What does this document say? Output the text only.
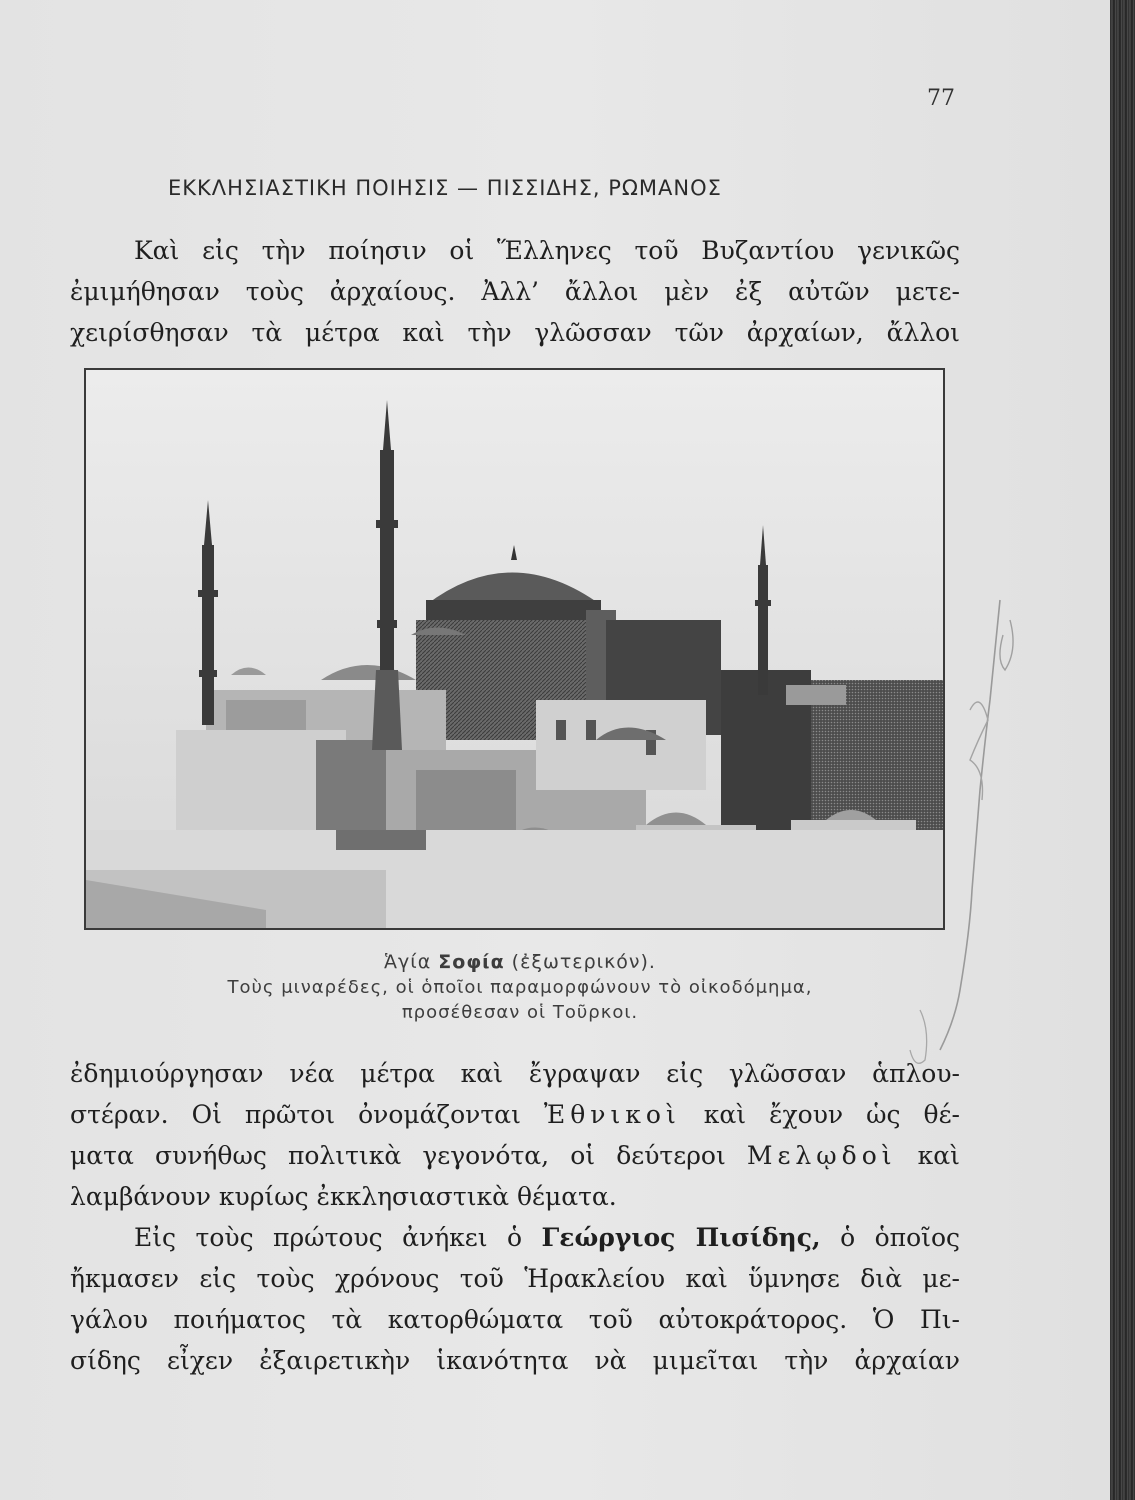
77
ΕΚΚΛΗΣΙΑΣΤΙΚΗ ΠΟΙΗΣΙΣ — ΠΙΣΣΙΔΗΣ, ΡΩΜΑΝΟΣ
Καὶ εἰς τὴν ποίησιν οἱ Ἕλληνες τοῦ Βυζαντίου γενικῶς
ἐμιμήθησαν τοὺς ἀρχαίους. Ἀλλ’ ἄλλοι μὲν ἐξ αὐτῶν μετε-
χειρίσθησαν τὰ μέτρα καὶ τὴν γλῶσσαν τῶν ἀρχαίων, ἄλλοι
Ἁγία Σοφία (ἐξωτερικόν).
Τοὺς μιναρέδες, οἱ ὁποῖοι παραμορφώνουν τὸ οἰκοδόμημα,
προσέθεσαν οἱ Τοῦρκοι.
ἐδημιούργησαν νέα μέτρα καὶ ἔγραψαν εἰς γλῶσσαν ἁπλου-
στέραν. Οἱ πρῶτοι ὀνομάζονται Ἐθνικοὶ καὶ ἔχουν ὡς θέ-
ματα συνήθως πολιτικὰ γεγονότα, οἱ δεύτεροι Μελῳδοὶ καὶ
λαμβάνουν κυρίως ἐκκλησιαστικὰ θέματα.
Εἰς τοὺς πρώτους ἀνήκει ὁ Γεώργιος Πισίδης, ὁ ὁποῖος
ἤκμασεν εἰς τοὺς χρόνους τοῦ Ἡρακλείου καὶ ὕμνησε διὰ με-
γάλου ποιήματος τὰ κατορθώματα τοῦ αὐτοκράτορος. Ὁ Πι-
σίδης εἶχεν ἐξαιρετικὴν ἱκανότητα νὰ μιμεῖται τὴν ἀρχαίαν
